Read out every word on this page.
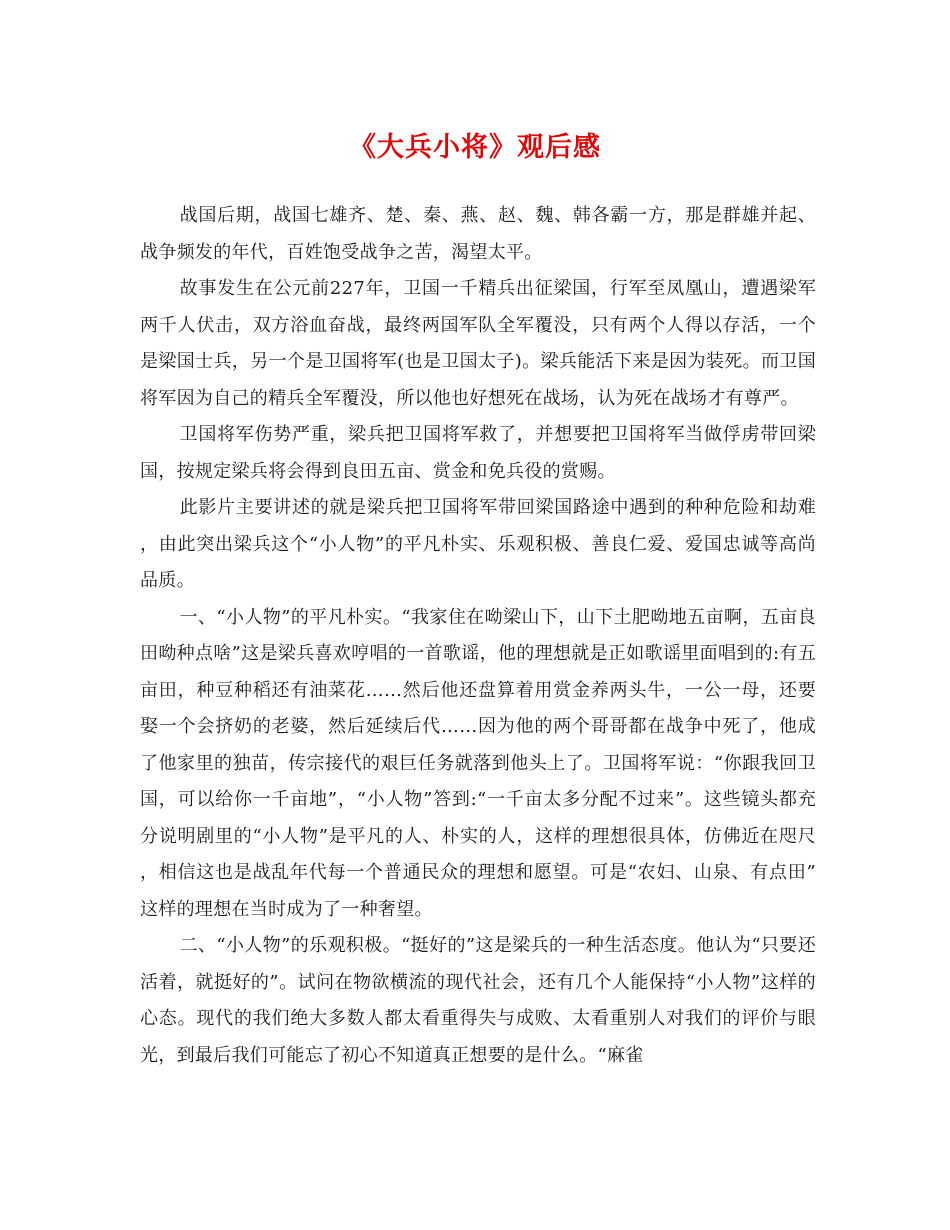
《大兵小将》观后感

战国后期，战国七雄齐、楚、秦、燕、赵、魏、韩各霸一方，那是群雄并起、战争频发的年代，百姓饱受战争之苦，渴望太平。

故事发生在公元前227年，卫国一千精兵出征梁国，行军至凤凰山，遭遇梁军两千人伏击，双方浴血奋战，最终两国军队全军覆没，只有两个人得以存活，一个是梁国士兵，另一个是卫国将军(也是卫国太子)。梁兵能活下来是因为装死。而卫国将军因为自己的精兵全军覆没，所以他也好想死在战场，认为死在战场才有尊严。

卫国将军伤势严重，梁兵把卫国将军救了，并想要把卫国将军当做俘虏带回梁国，按规定梁兵将会得到良田五亩、赏金和免兵役的赏赐。

此影片主要讲述的就是梁兵把卫国将军带回梁国路途中遇到的种种危险和劫难，由此突出梁兵这个“小人物”的平凡朴实、乐观积极、善良仁爱、爱国忠诚等高尚品质。

一、“小人物”的平凡朴实。“我家住在呦梁山下，山下土肥呦地五亩啊，五亩良田呦种点啥”这是梁兵喜欢哼唱的一首歌谣，他的理想就是正如歌谣里面唱到的:有五亩田，种豆种稻还有油菜花……然后他还盘算着用赏金养两头牛，一公一母，还要娶一个会挤奶的老婆，然后延续后代……因为他的两个哥哥都在战争中死了，他成了他家里的独苗，传宗接代的艰巨任务就落到他头上了。卫国将军说：“你跟我回卫国，可以给你一千亩地”，“小人物”答到:“一千亩太多分配不过来”。这些镜头都充分说明剧里的“小人物”是平凡的人、朴实的人，这样的理想很具体，仿佛近在咫尺，相信这也是战乱年代每一个普通民众的理想和愿望。可是“农妇、山泉、有点田”这样的理想在当时成为了一种奢望。

二、“小人物”的乐观积极。“挺好的”这是梁兵的一种生活态度。他认为“只要还活着，就挺好的”。试问在物欲横流的现代社会，还有几个人能保持“小人物”这样的心态。现代的我们绝大多数人都太看重得失与成败、太看重别人对我们的评价与眼光，到最后我们可能忘了初心不知道真正想要的是什么。“麻雀
